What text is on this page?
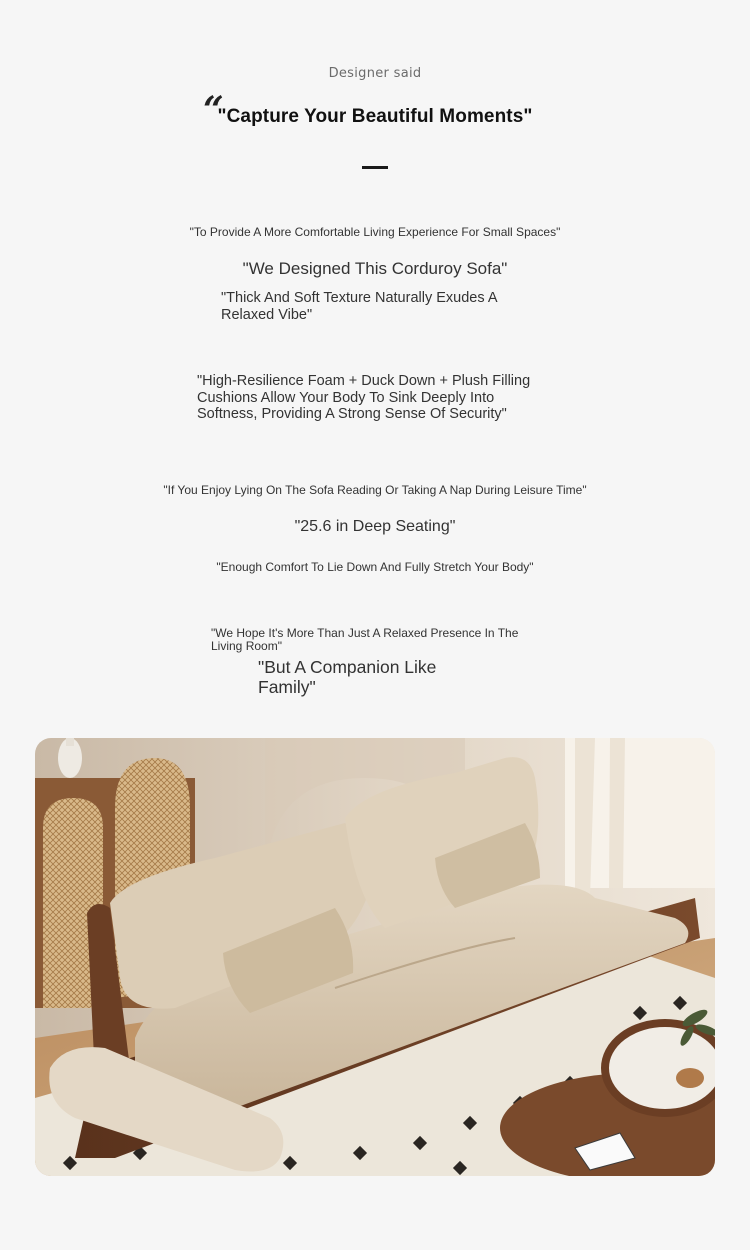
Designer said
“
"Capture Your Beautiful Moments"
"To Provide A More Comfortable Living Experience For Small Spaces"
"We Designed This Corduroy Sofa"
"Thick And Soft Texture Naturally Exudes A
Relaxed Vibe"
"High-Resilience Foam + Duck Down + Plush Filling
Cushions Allow Your Body To Sink Deeply Into
Softness, Providing A Strong Sense Of Security"
"If You Enjoy Lying On The Sofa Reading Or Taking A Nap During Leisure Time"
"25.6 in Deep Seating"
"Enough Comfort To Lie Down And Fully Stretch Your Body"
"We Hope It's More Than Just A Relaxed Presence In The
Living Room"
"But A Companion Like
Family"
